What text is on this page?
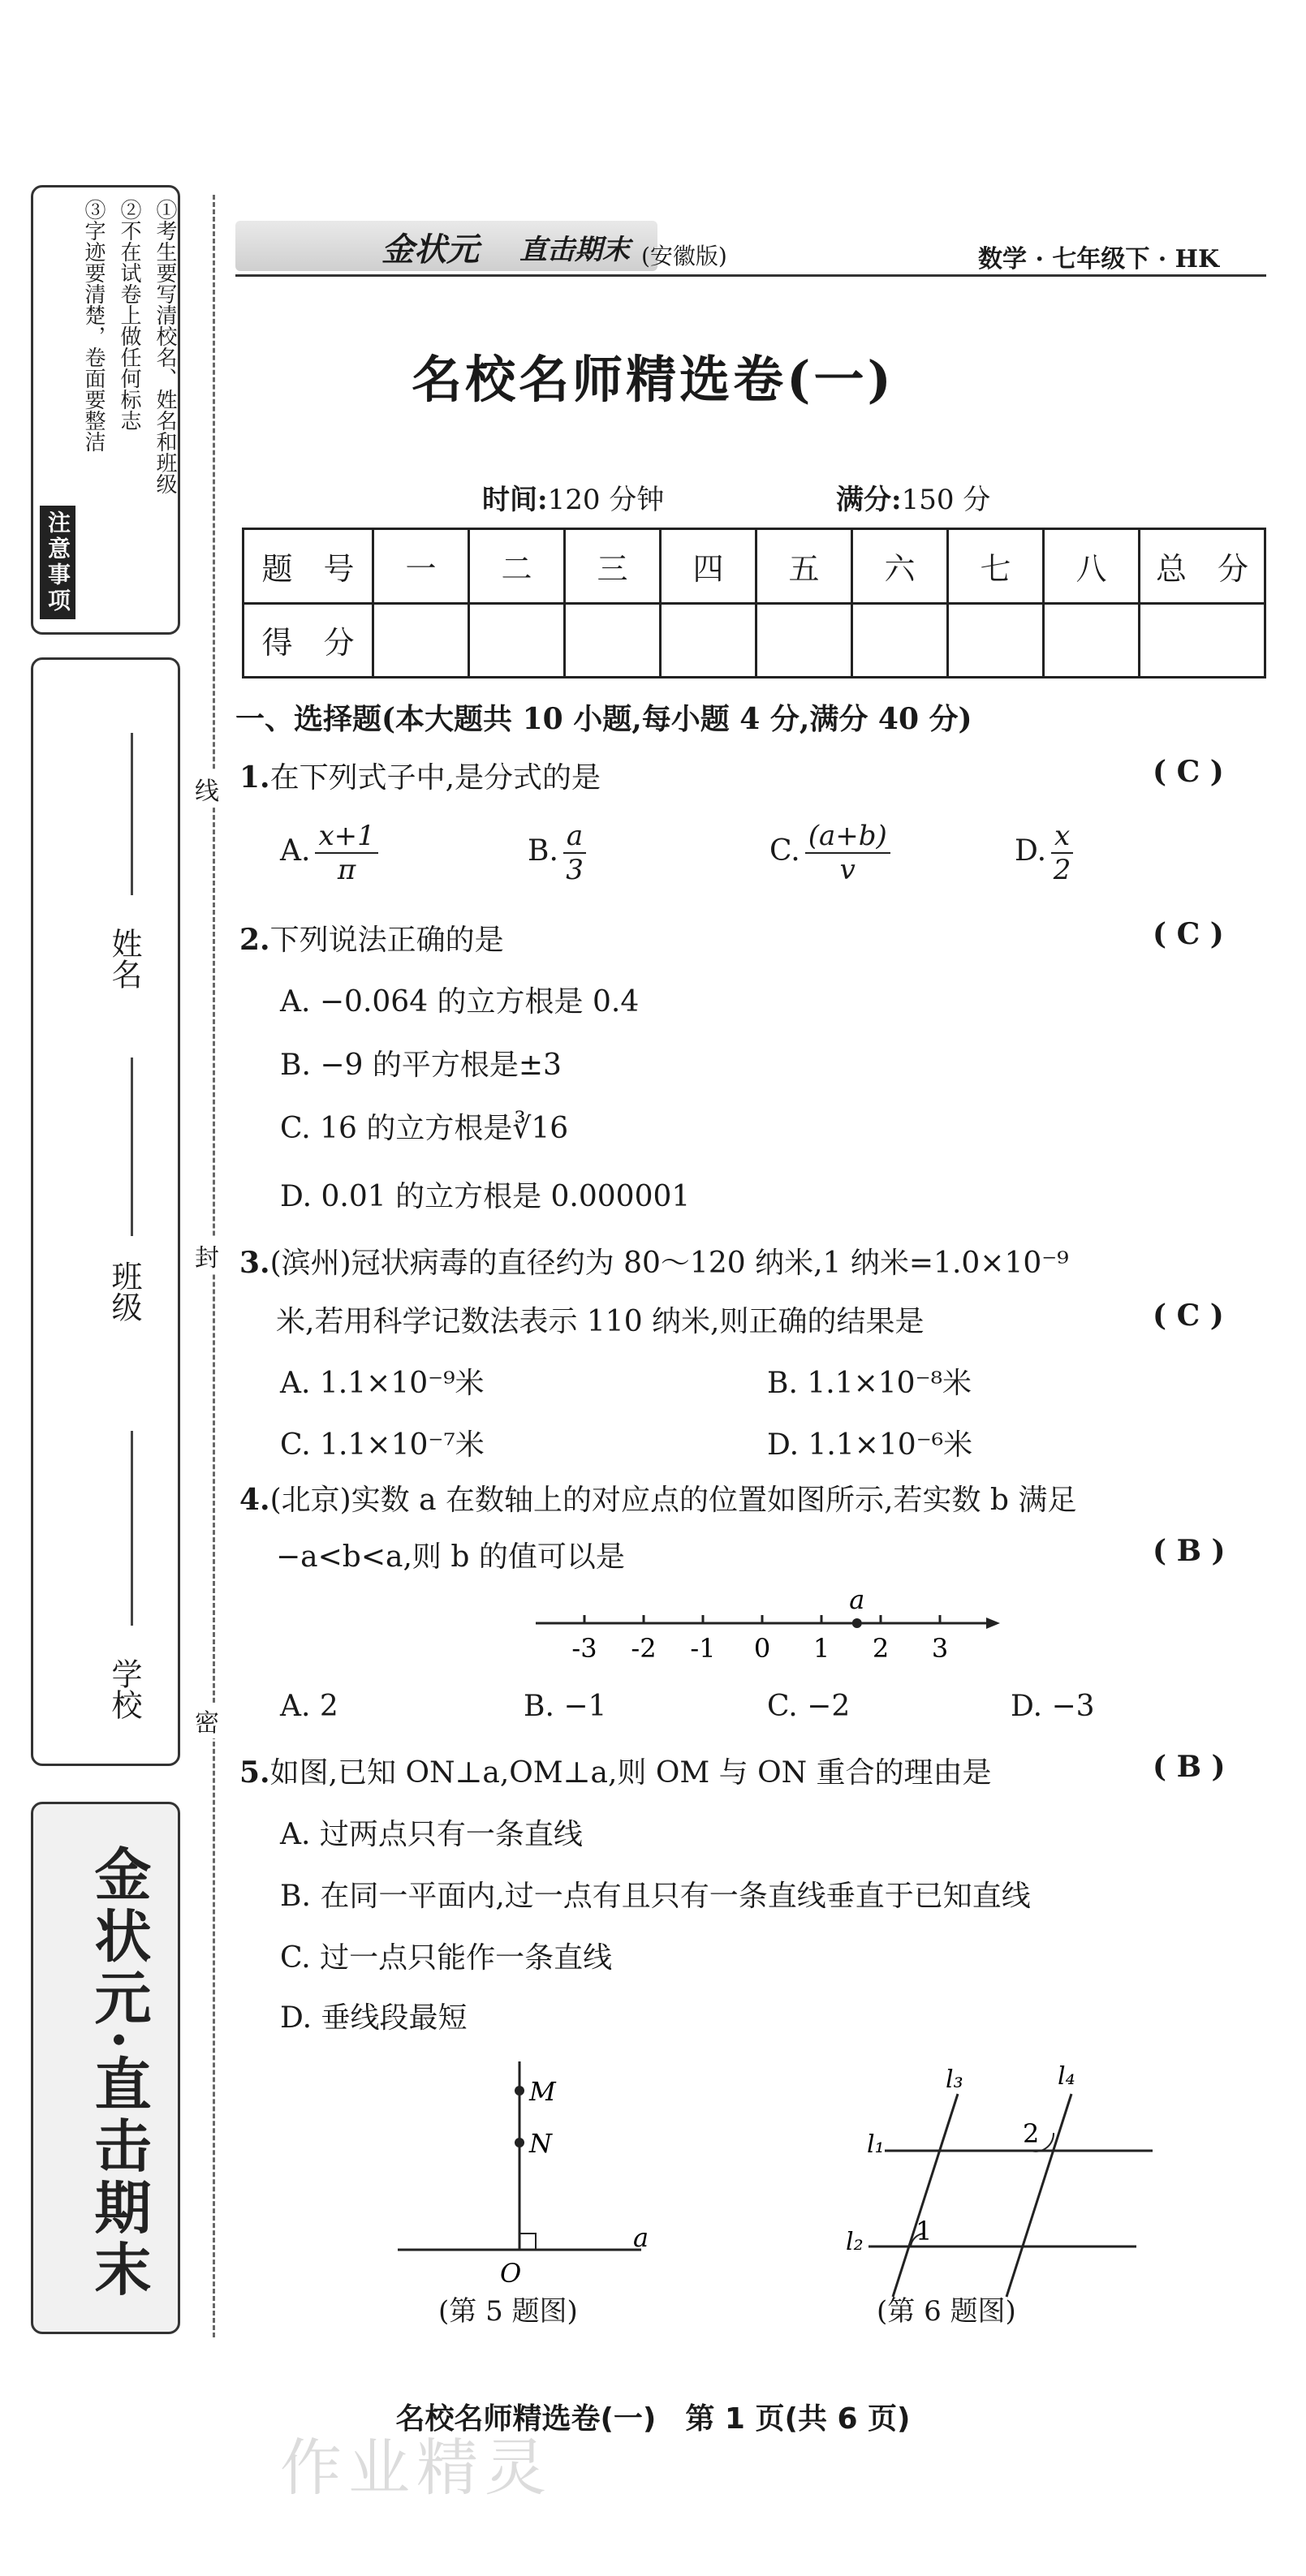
注意事项
①考生要写清校名、姓名和班级
②不在试卷上做任何标志
③字迹要清楚，卷面要整洁
姓名
班级
学校
金状元·直击期末
线
封
密
金状元 直击期末 (安徽版)	数学 · 七年级下 · HK
名校名师精选卷(一)
时间:120 分钟	满分:150 分
题　号	一	二	三	四	五	六	七	八	总　分
得　分									
一、选择题(本大题共 10 小题,每小题 4 分,满分 40 分)
1.在下列式子中,是分式的是	( C )
A. $\frac{x+1}{\pi}$	B. $\frac{a}{3}$	C. $\frac{(a+b)}{v}$	D. $\frac{x}{2}$
2.下列说法正确的是	( C )
A. −0.064 的立方根是 0.4
B. −9 的平方根是±3
C. 16 的立方根是∛16
D. 0.01 的立方根是 0.000001
3.(滨州)冠状病毒的直径约为 80～120 纳米,1 纳米=1.0×10⁻⁹
米,若用科学记数法表示 110 纳米,则正确的结果是	( C )
A. 1.1×10⁻⁹米	B. 1.1×10⁻⁸米
C. 1.1×10⁻⁷米	D. 1.1×10⁻⁶米
4.(北京)实数 a 在数轴上的对应点的位置如图所示,若实数 b 满足
−a<b<a,则 b 的值可以是	( B )
-3 -2 -1 0 1 2 3
a
A. 2	B. −1	C. −2	D. −3
5.如图,已知 ON⊥a,OM⊥a,则 OM 与 ON 重合的理由是	( B )
A. 过两点只有一条直线
B. 在同一平面内,过一点有且只有一条直线垂直于已知直线
C. 过一点只能作一条直线
D. 垂线段最短
M
N
O
a
(第 5 题图)
l₃	l₄
l₁
l₂
2
1
(第 6 题图)
名校名师精选卷(一)　第 1 页(共 6 页)
作业精灵
